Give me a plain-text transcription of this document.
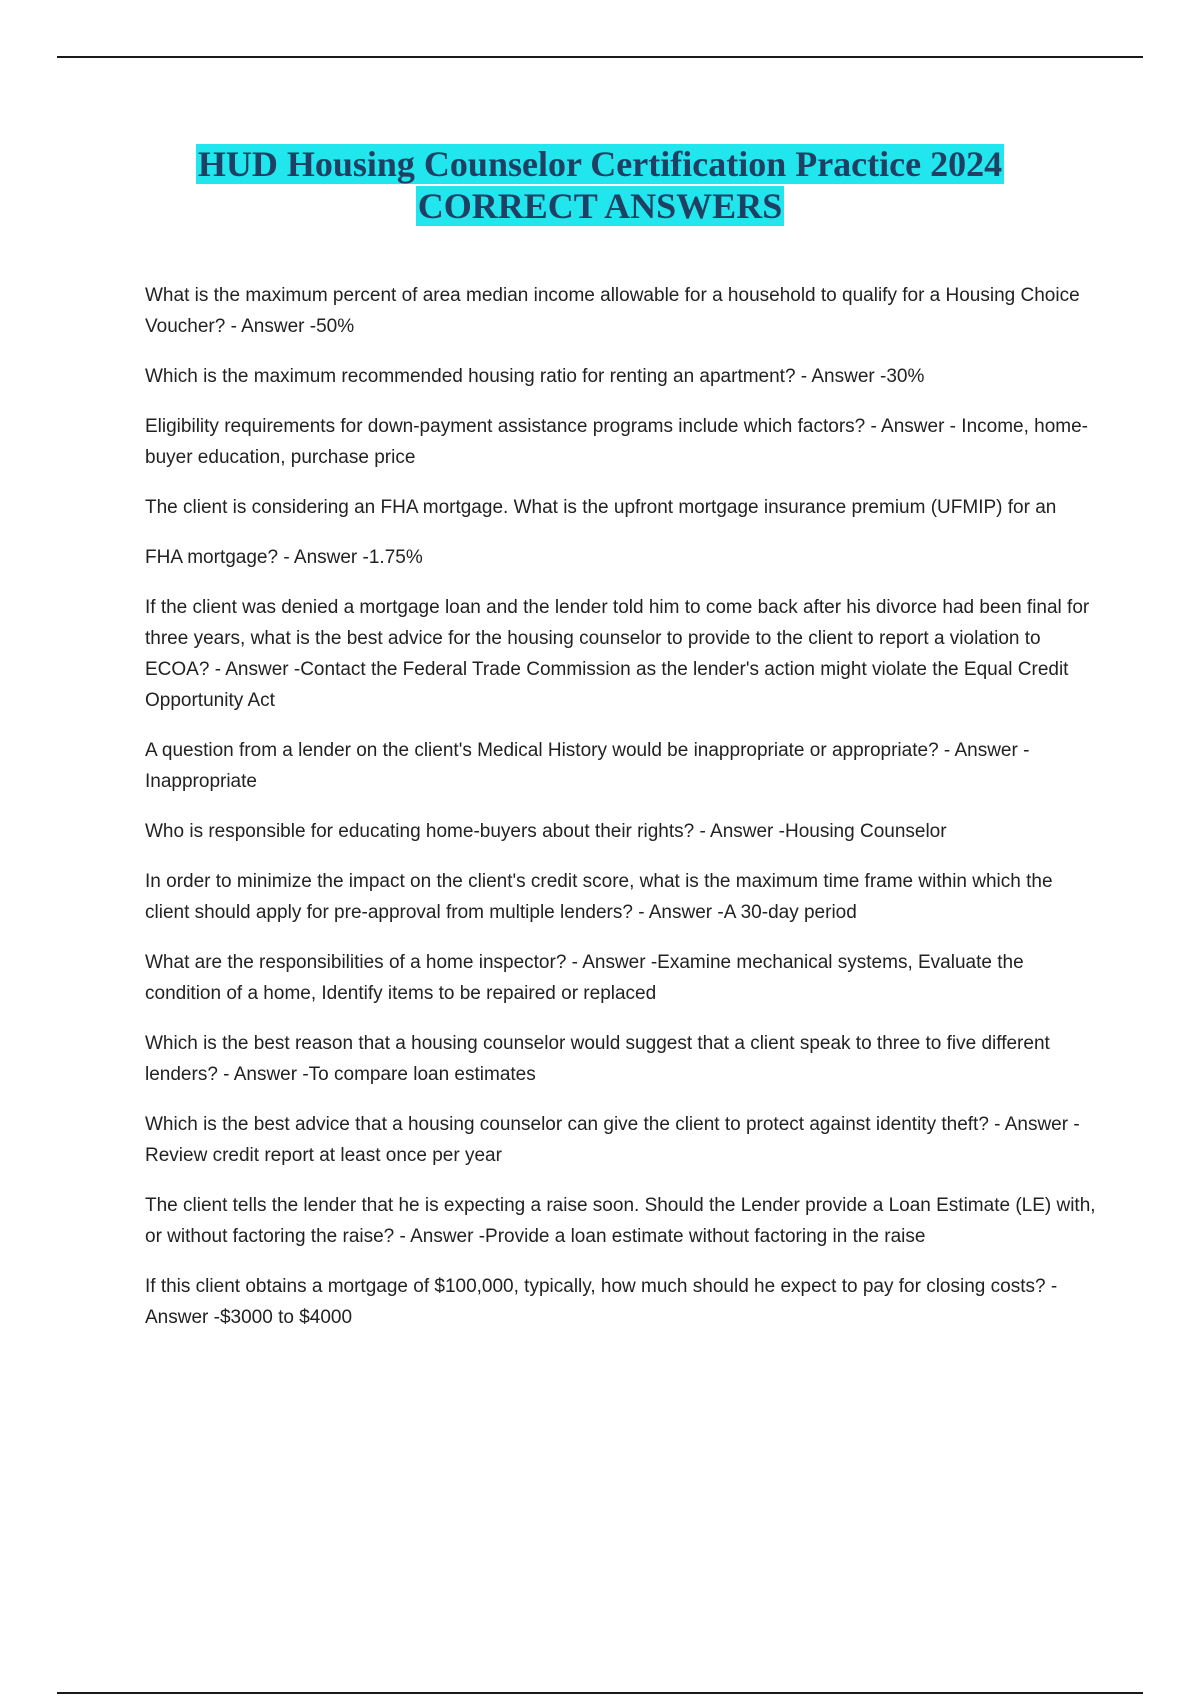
HUD Housing Counselor Certification Practice 2024
CORRECT ANSWERS

What is the maximum percent of area median income allowable for a household to qualify for a Housing Choice Voucher? - Answer -50%

Which is the maximum recommended housing ratio for renting an apartment? - Answer -30%

Eligibility requirements for down-payment assistance programs include which factors? - Answer - Income, home-buyer education, purchase price

The client is considering an FHA mortgage. What is the upfront mortgage insurance premium (UFMIP) for an

FHA mortgage? - Answer -1.75%

If the client was denied a mortgage loan and the lender told him to come back after his divorce had been final for three years, what is the best advice for the housing counselor to provide to the client to report a violation to ECOA? - Answer -Contact the Federal Trade Commission as the lender's action might violate the Equal Credit Opportunity Act

A question from a lender on the client's Medical History would be inappropriate or appropriate? - Answer -Inappropriate

Who is responsible for educating home-buyers about their rights? - Answer -Housing Counselor

In order to minimize the impact on the client's credit score, what is the maximum time frame within which the client should apply for pre-approval from multiple lenders? - Answer -A 30-day period

What are the responsibilities of a home inspector? - Answer -Examine mechanical systems, Evaluate the condition of a home, Identify items to be repaired or replaced

Which is the best reason that a housing counselor would suggest that a client speak to three to five different lenders? - Answer -To compare loan estimates

Which is the best advice that a housing counselor can give the client to protect against identity theft? - Answer -Review credit report at least once per year

The client tells the lender that he is expecting a raise soon. Should the Lender provide a Loan Estimate (LE) with, or without factoring the raise? - Answer -Provide a loan estimate without factoring in the raise

If this client obtains a mortgage of $100,000, typically, how much should he expect to pay for closing costs? - Answer -$3000 to $4000
